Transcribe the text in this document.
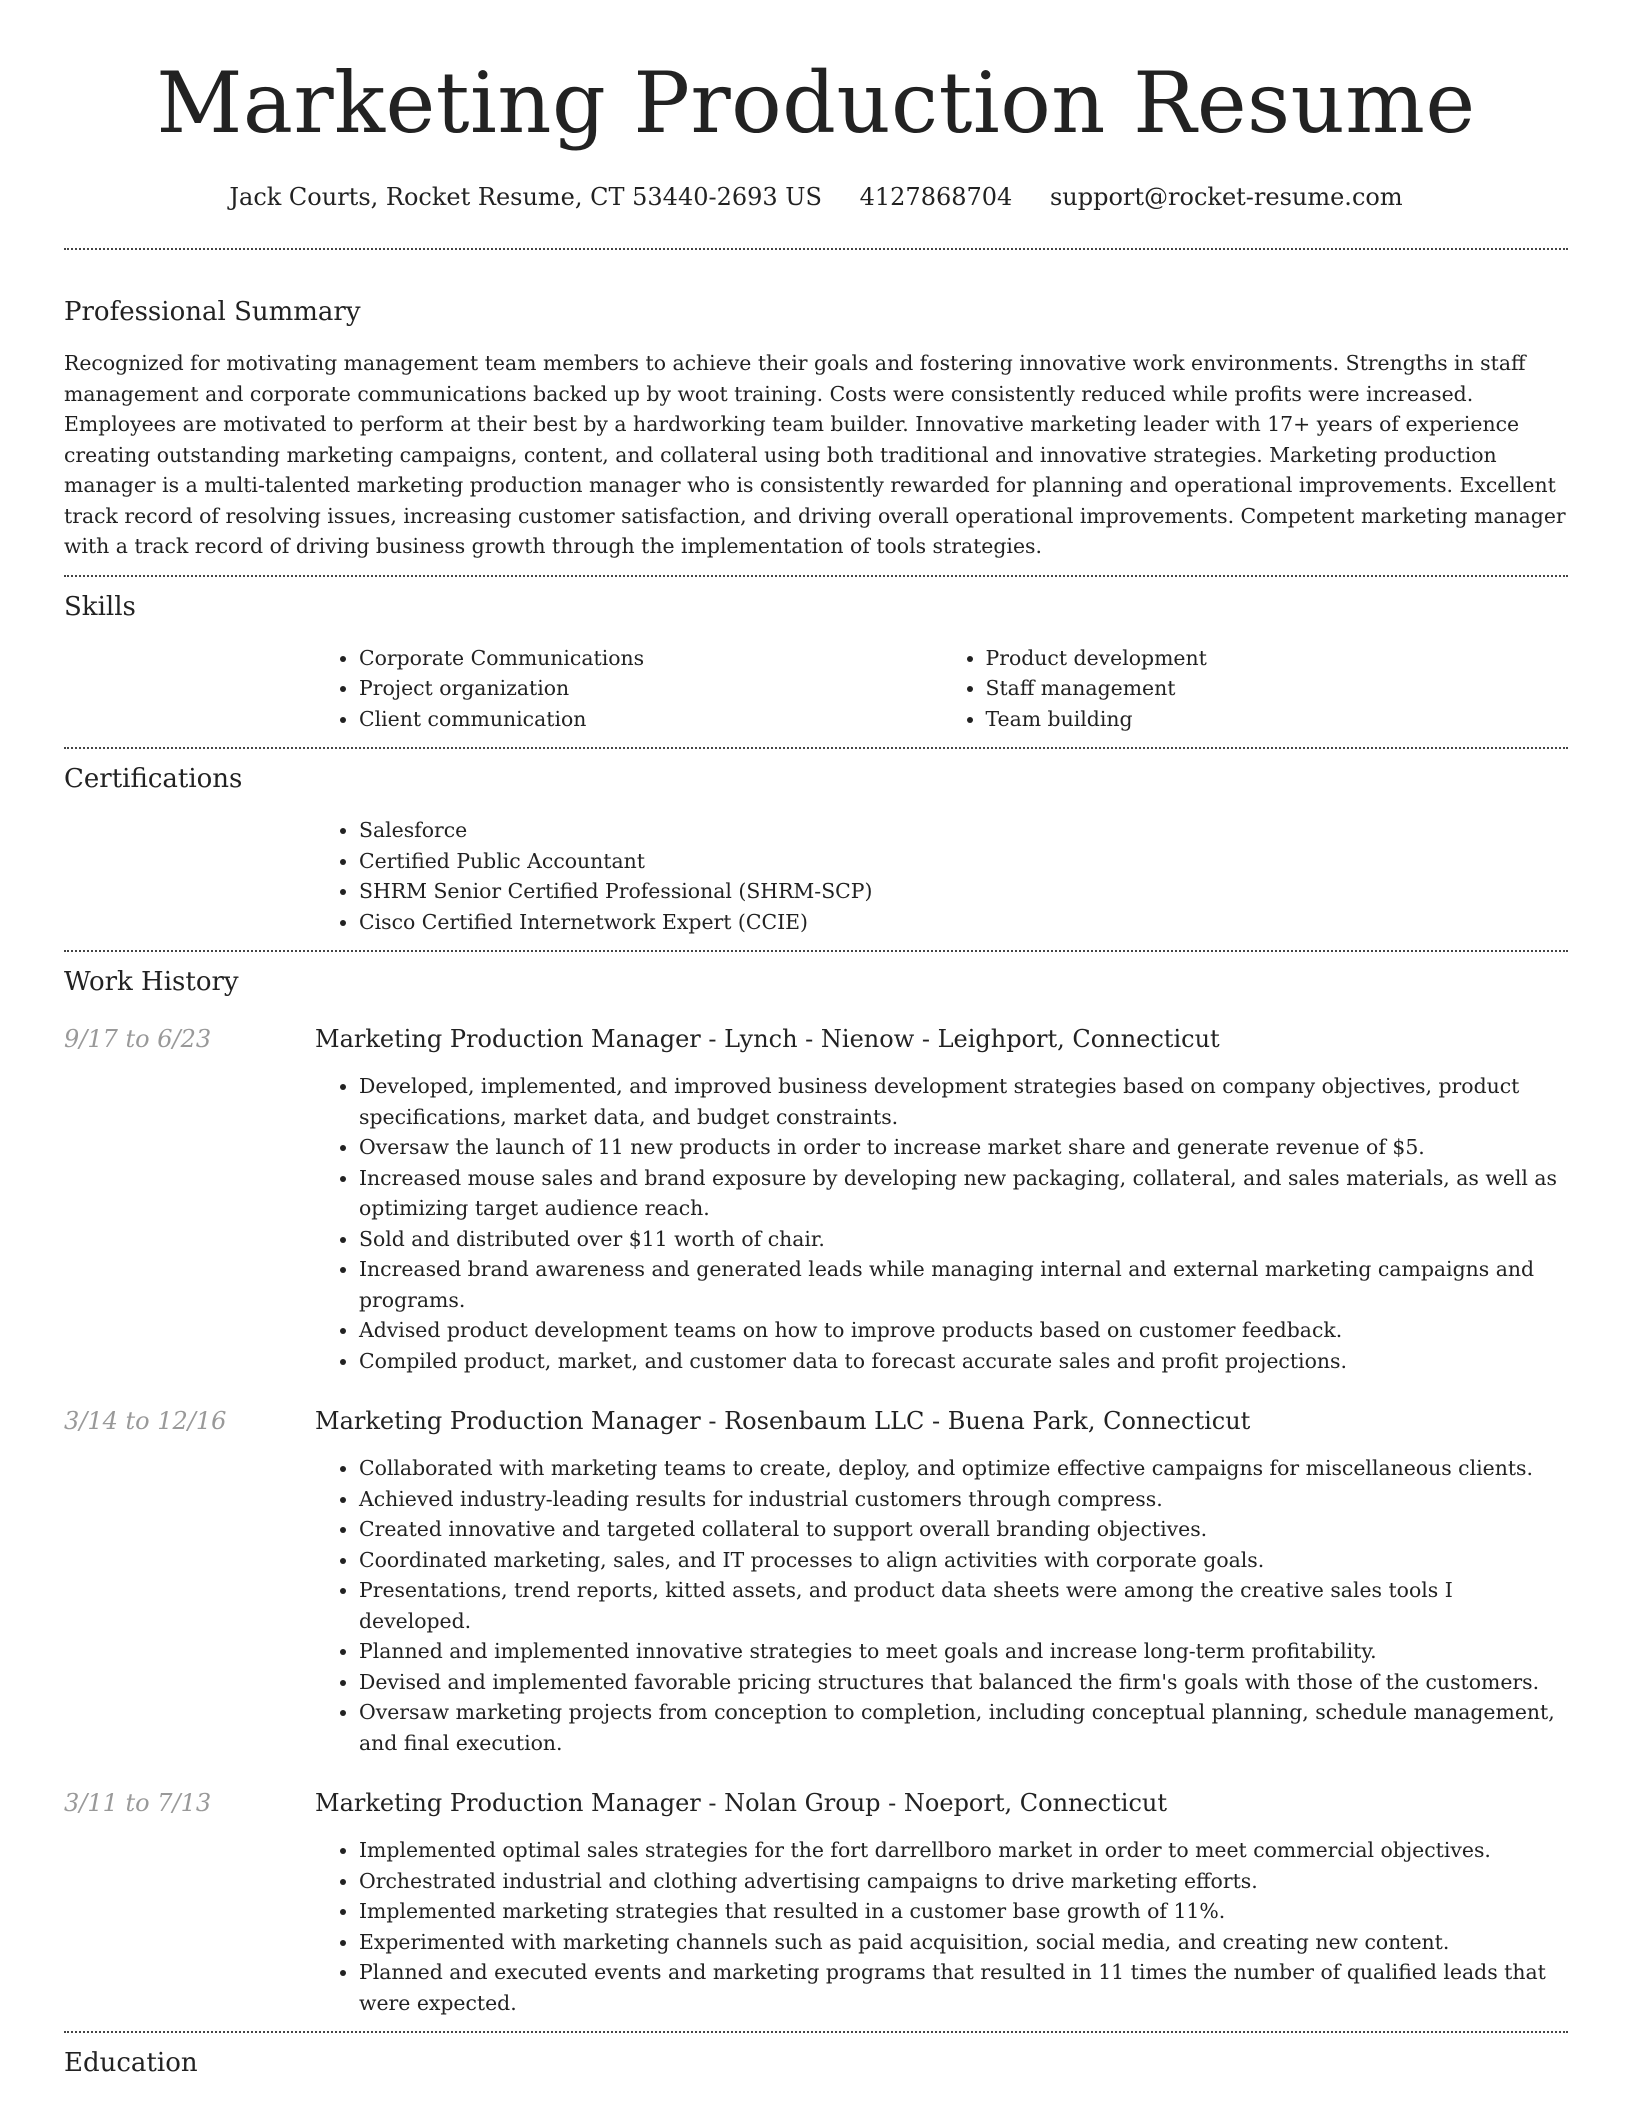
Marketing Production Resume
Jack Courts, Rocket Resume, CT 53440-2693 US 4127868704 support@rocket-resume.com
Professional Summary

Recognized for motivating management team members to achieve their goals and fostering innovative work environments. Strengths in staff management and corporate communications backed up by woot training. Costs were consistently reduced while profits were increased. Employees are motivated to perform at their best by a hardworking team builder. Innovative marketing leader with 17+ years of experience creating outstanding marketing campaigns, content, and collateral using both traditional and innovative strategies. Marketing production manager is a multi-talented marketing production manager who is consistently rewarded for planning and operational improvements. Excellent track record of resolving issues, increasing customer satisfaction, and driving overall operational improvements. Competent marketing manager with a track record of driving business growth through the implementation of tools strategies.

Skills
• Corporate Communications
• Project organization
• Client communication
• Product development
• Staff management
• Team building
Certifications
• Salesforce
• Certified Public Accountant
• SHRM Senior Certified Professional (SHRM-SCP)
• Cisco Certified Internetwork Expert (CCIE)
Work History
9/17 to 6/23	Marketing Production Manager - Lynch - Nienow - Leighport, Connecticut
• Developed, implemented, and improved business development strategies based on company objectives, product specifications, market data, and budget constraints.
• Oversaw the launch of 11 new products in order to increase market share and generate revenue of $5.
• Increased mouse sales and brand exposure by developing new packaging, collateral, and sales materials, as well as optimizing target audience reach.
• Sold and distributed over $11 worth of chair.
• Increased brand awareness and generated leads while managing internal and external marketing campaigns and programs.
• Advised product development teams on how to improve products based on customer feedback.
• Compiled product, market, and customer data to forecast accurate sales and profit projections.
3/14 to 12/16	Marketing Production Manager - Rosenbaum LLC - Buena Park, Connecticut
• Collaborated with marketing teams to create, deploy, and optimize effective campaigns for miscellaneous clients.
• Achieved industry-leading results for industrial customers through compress.
• Created innovative and targeted collateral to support overall branding objectives.
• Coordinated marketing, sales, and IT processes to align activities with corporate goals.
• Presentations, trend reports, kitted assets, and product data sheets were among the creative sales tools I developed.
• Planned and implemented innovative strategies to meet goals and increase long-term profitability.
• Devised and implemented favorable pricing structures that balanced the firm's goals with those of the customers.
• Oversaw marketing projects from conception to completion, including conceptual planning, schedule management, and final execution.
3/11 to 7/13	Marketing Production Manager - Nolan Group - Noeport, Connecticut
• Implemented optimal sales strategies for the fort darrellboro market in order to meet commercial objectives.
• Orchestrated industrial and clothing advertising campaigns to drive marketing efforts.
• Implemented marketing strategies that resulted in a customer base growth of 11%.
• Experimented with marketing channels such as paid acquisition, social media, and creating new content.
• Planned and executed events and marketing programs that resulted in 11 times the number of qualified leads that were expected.
Education
